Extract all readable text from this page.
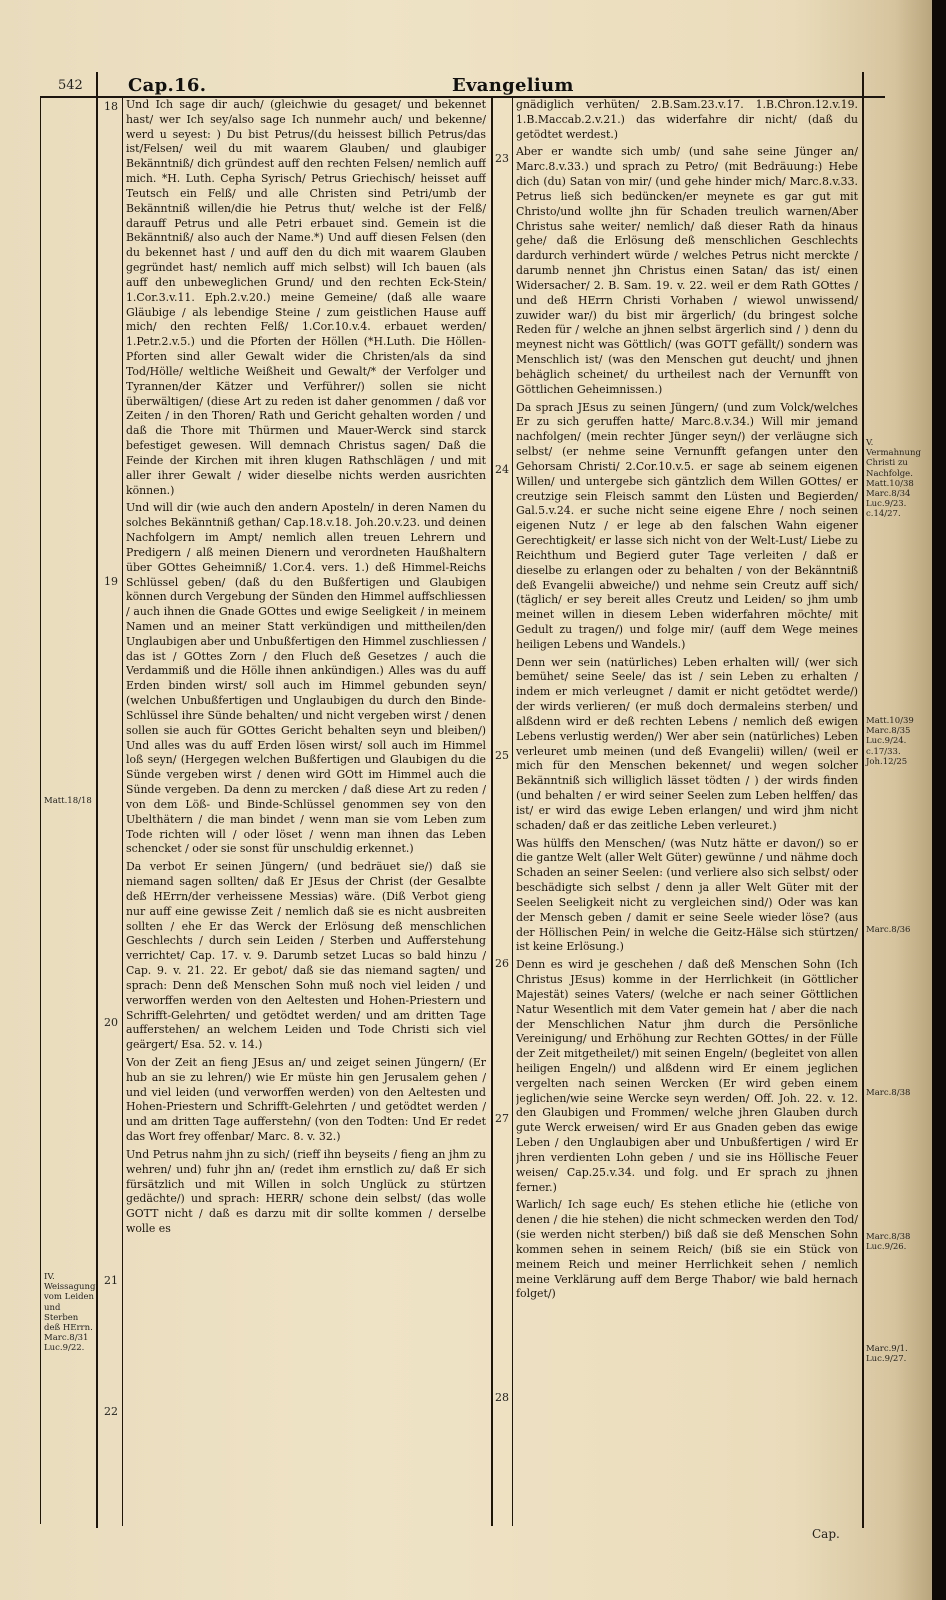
542	Cap.16.	Evangelium
18
19
20
21
22
23
24
25
26
27
28
Matt.18/18
IV. Weissagung vom Leiden und Sterben deß HErrn. Marc.8/31 Luc.9/22.
V. Vermahnung Christi zu Nachfolge. Matt.10/38 Marc.8/34 Luc.9/23. c.14/27.
Matt.10/39 Marc.8/35 Luc.9/24. c.17/33. Joh.12/25
Marc.8/36
Marc.8/38
Marc.8/38 Luc.9/26.
Marc.9/1. Luc.9/27.

Und Ich sage dir auch/ (gleichwie du gesaget/ und bekennet hast/ wer Ich sey/also sage Ich nunmehr auch/ und bekenne/ werd u seyest: ) Du bist Petrus/(du heissest billich Petrus/das ist/Felsen/ weil du mit waarem Glauben/ und glaubiger Bekänntniß/ dich gründest auff den rechten Felsen/ nemlich auff mich. *H. Luth. Cepha Syrisch/ Petrus Griechisch/ heisset auff Teutsch ein Felß/ und alle Christen sind Petri/umb der Bekänntniß willen/die hie Petrus thut/ welche ist der Felß/ darauff Petrus und alle Petri erbauet sind. Gemein ist die Bekänntniß/ also auch der Name.*) Und auff diesen Felsen (den du bekennet hast / und auff den du dich mit waarem Glauben gegründet hast/ nemlich auff mich selbst) will Ich bauen (als auff den unbeweglichen Grund/ und den rechten Eck-Stein/ 1.Cor.3.v.11. Eph.2.v.20.) meine Gemeine/ (daß alle waare Gläubige / als lebendige Steine / zum geistlichen Hause auff mich/ den rechten Felß/ 1.Cor.10.v.4. erbauet werden/ 1.Petr.2.v.5.) und die Pforten der Höllen (*H.Luth. Die Höllen-Pforten sind aller Gewalt wider die Christen/als da sind Tod/Hölle/ weltliche Weißheit und Gewalt/* der Verfolger und Tyrannen/der Kätzer und Verführer/) sollen sie nicht überwältigen/ (diese Art zu reden ist daher genommen / daß vor Zeiten / in den Thoren/ Rath und Gericht gehalten worden / und daß die Thore mit Thürmen und Mauer-Werck sind starck befestiget gewesen. Will demnach Christus sagen/ Daß die Feinde der Kirchen mit ihren klugen Rathschlägen / und mit aller ihrer Gewalt / wider dieselbe nichts werden ausrichten können.)

Und will dir (wie auch den andern Aposteln/ in deren Namen du solches Bekänntniß gethan/ Cap.18.v.18. Joh.20.v.23. und deinen Nachfolgern im Ampt/ nemlich allen treuen Lehrern und Predigern / alß meinen Dienern und verordneten Haußhaltern über GOttes Geheimniß/ 1.Cor.4. vers. 1.) deß Himmel-Reichs Schlüssel geben/ (daß du den Bußfertigen und Glaubigen können durch Vergebung der Sünden den Himmel auffschliessen / auch ihnen die Gnade GOttes und ewige Seeligkeit / in meinem Namen und an meiner Statt verkündigen und mittheilen/den Unglaubigen aber und Unbußfertigen den Himmel zuschliessen / das ist / GOttes Zorn / den Fluch deß Gesetzes / auch die Verdammiß und die Hölle ihnen ankündigen.) Alles was du auff Erden binden wirst/ soll auch im Himmel gebunden seyn/ (welchen Unbußfertigen und Unglaubigen du durch den Binde-Schlüssel ihre Sünde behalten/ und nicht vergeben wirst / denen sollen sie auch für GOttes Gericht behalten seyn und bleiben/) Und alles was du auff Erden lösen wirst/ soll auch im Himmel loß seyn/ (Hergegen welchen Bußfertigen und Glaubigen du die Sünde vergeben wirst / denen wird GOtt im Himmel auch die Sünde vergeben. Da denn zu mercken / daß diese Art zu reden / von dem Löß- und Binde-Schlüssel genommen sey von den Ubelthätern / die man bindet / wenn man sie vom Leben zum Tode richten will / oder löset / wenn man ihnen das Leben schencket / oder sie sonst für unschuldig erkennet.)

Da verbot Er seinen Jüngern/ (und bedräuet sie/) daß sie niemand sagen sollten/ daß Er JEsus der Christ (der Gesalbte deß HErrn/der verheissene Messias) wäre. (Diß Verbot gieng nur auff eine gewisse Zeit / nemlich daß sie es nicht ausbreiten sollten / ehe Er das Werck der Erlösung deß menschlichen Geschlechts / durch sein Leiden / Sterben und Aufferstehung verrichtet/ Cap. 17. v. 9. Darumb setzet Lucas so bald hinzu / Cap. 9. v. 21. 22. Er gebot/ daß sie das niemand sagten/ und sprach: Denn deß Menschen Sohn muß noch viel leiden / und verworffen werden von den Aeltesten und Hohen-Priestern und Schrifft-Gelehrten/ und getödtet werden/ und am dritten Tage aufferstehen/ an welchem Leiden und Tode Christi sich viel geärgert/ Esa. 52. v. 14.)

Von der Zeit an fieng JEsus an/ und zeiget seinen Jüngern/ (Er hub an sie zu lehren/) wie Er müste hin gen Jerusalem gehen / und viel leiden (und verworffen werden) von den Aeltesten und Hohen-Priestern und Schrifft-Gelehrten / und getödtet werden / und am dritten Tage aufferstehn/ (von den Todten: Und Er redet das Wort frey offenbar/ Marc. 8. v. 32.)

Und Petrus nahm jhn zu sich/ (rieff ihn beyseits / fieng an jhm zu wehren/ und) fuhr jhn an/ (redet ihm ernstlich zu/ daß Er sich fürsätzlich und mit Willen in solch Unglück zu stürtzen gedächte/) und sprach: HERR/ schone dein selbst/ (das wolle GOTT nicht / daß es darzu mit dir sollte kommen / derselbe wolle es

gnädiglich verhüten/ 2.B.Sam.23.v.17. 1.B.Chron.12.v.19. 1.B.Maccab.2.v.21.) das widerfahre dir nicht/ (daß du getödtet werdest.)

Aber er wandte sich umb/ (und sahe seine Jünger an/ Marc.8.v.33.) und sprach zu Petro/ (mit Bedräuung:) Hebe dich (du) Satan von mir/ (und gehe hinder mich/ Marc.8.v.33. Petrus ließ sich bedüncken/er meynete es gar gut mit Christo/und wollte jhn für Schaden treulich warnen/Aber Christus sahe weiter/ nemlich/ daß dieser Rath da hinaus gehe/ daß die Erlösung deß menschlichen Geschlechts dardurch verhindert würde / welches Petrus nicht merckte / darumb nennet jhn Christus einen Satan/ das ist/ einen Widersacher/ 2. B. Sam. 19. v. 22. weil er dem Rath GOttes / und deß HErrn Christi Vorhaben / wiewol unwissend/ zuwider war/) du bist mir ärgerlich/ (du bringest solche Reden für / welche an jhnen selbst ärgerlich sind / ) denn du meynest nicht was Göttlich/ (was GOTT gefällt/) sondern was Menschlich ist/ (was den Menschen gut deucht/ und jhnen behäglich scheinet/ du urtheilest nach der Vernunfft von Göttlichen Geheimnissen.)

Da sprach JEsus zu seinen Jüngern/ (und zum Volck/welches Er zu sich geruffen hatte/ Marc.8.v.34.) Will mir jemand nachfolgen/ (mein rechter Jünger seyn/) der verläugne sich selbst/ (er nehme seine Vernunfft gefangen unter den Gehorsam Christi/ 2.Cor.10.v.5. er sage ab seinem eigenen Willen/ und untergebe sich gäntzlich dem Willen GOttes/ er creutzige sein Fleisch sammt den Lüsten und Begierden/ Gal.5.v.24. er suche nicht seine eigene Ehre / noch seinen eigenen Nutz / er lege ab den falschen Wahn eigener Gerechtigkeit/ er lasse sich nicht von der Welt-Lust/ Liebe zu Reichthum und Begierd guter Tage verleiten / daß er dieselbe zu erlangen oder zu behalten / von der Bekänntniß deß Evangelii abweiche/) und nehme sein Creutz auff sich/ (täglich/ er sey bereit alles Creutz und Leiden/ so jhm umb meinet willen in diesem Leben widerfahren möchte/ mit Gedult zu tragen/) und folge mir/ (auff dem Wege meines heiligen Lebens und Wandels.)

Denn wer sein (natürliches) Leben erhalten will/ (wer sich bemühet/ seine Seele/ das ist / sein Leben zu erhalten / indem er mich verleugnet / damit er nicht getödtet werde/) der wirds verlieren/ (er muß doch dermaleins sterben/ und alßdenn wird er deß rechten Lebens / nemlich deß ewigen Lebens verlustig werden/) Wer aber sein (natürliches) Leben verleuret umb meinen (und deß Evangelii) willen/ (weil er mich für den Menschen bekennet/ und wegen solcher Bekänntniß sich williglich lässet tödten / ) der wirds finden (und behalten / er wird seiner Seelen zum Leben helffen/ das ist/ er wird das ewige Leben erlangen/ und wird jhm nicht schaden/ daß er das zeitliche Leben verleuret.)

Was hülffs den Menschen/ (was Nutz hätte er davon/) so er die gantze Welt (aller Welt Güter) gewünne / und nähme doch Schaden an seiner Seelen: (und verliere also sich selbst/ oder beschädigte sich selbst / denn ja aller Welt Güter mit der Seelen Seeligkeit nicht zu vergleichen sind/) Oder was kan der Mensch geben / damit er seine Seele wieder löse? (aus der Höllischen Pein/ in welche die Geitz-Hälse sich stürtzen/ ist keine Erlösung.)

Denn es wird je geschehen / daß deß Menschen Sohn (Ich Christus JEsus) komme in der Herrlichkeit (in Göttlicher Majestät) seines Vaters/ (welche er nach seiner Göttlichen Natur Wesentlich mit dem Vater gemein hat / aber die nach der Menschlichen Natur jhm durch die Persönliche Vereinigung/ und Erhöhung zur Rechten GOttes/ in der Fülle der Zeit mitgetheilet/) mit seinen Engeln/ (begleitet von allen heiligen Engeln/) und alßdenn wird Er einem jeglichen vergelten nach seinen Wercken (Er wird geben einem jeglichen/wie seine Wercke seyn werden/ Off. Joh. 22. v. 12. den Glaubigen und Frommen/ welche jhren Glauben durch gute Werck erweisen/ wird Er aus Gnaden geben das ewige Leben / den Unglaubigen aber und Unbußfertigen / wird Er jhren verdienten Lohn geben / und sie ins Höllische Feuer weisen/ Cap.25.v.34. und folg. und Er sprach zu jhnen ferner.)

Warlich/ Ich sage euch/ Es stehen etliche hie (etliche von denen / die hie stehen) die nicht schmecken werden den Tod/ (sie werden nicht sterben/) biß daß sie deß Menschen Sohn kommen sehen in seinem Reich/ (biß sie ein Stück von meinem Reich und meiner Herrlichkeit sehen / nemlich meine Verklärung auff dem Berge Thabor/ wie bald hernach folget/)

Cap.
